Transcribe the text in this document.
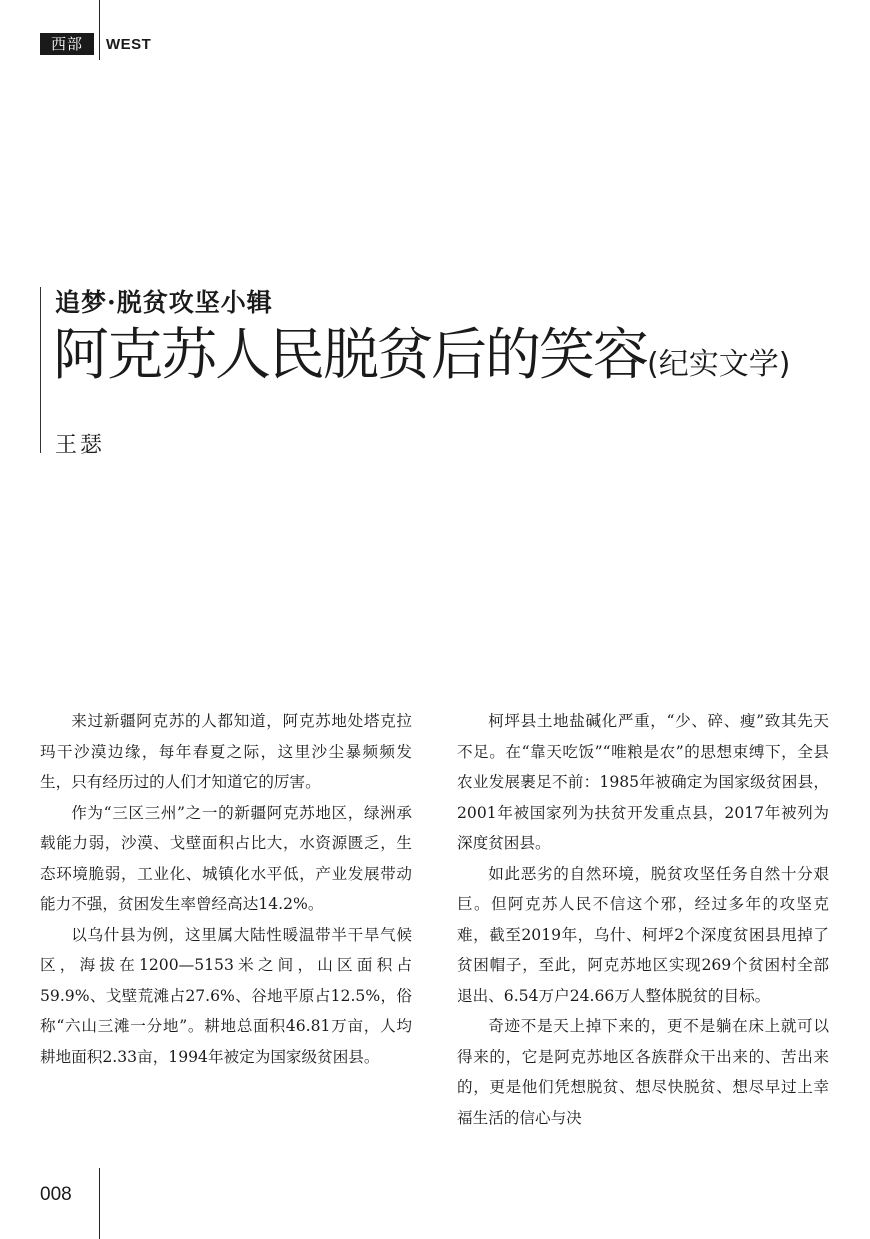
西部	WEST
追梦·脱贫攻坚小辑
阿克苏人民脱贫后的笑容(纪实文学)
王瑟

来过新疆阿克苏的人都知道，阿克苏地处塔克拉玛干沙漠边缘，每年春夏之际，这里沙尘暴频频发生，只有经历过的人们才知道它的厉害。

作为“三区三州”之一的新疆阿克苏地区，绿洲承载能力弱，沙漠、戈壁面积占比大，水资源匮乏，生态环境脆弱，工业化、城镇化水平低，产业发展带动能力不强，贫困发生率曾经高达14.2%。

以乌什县为例，这里属大陆性暖温带半干旱气候区，海拔在1200—5153米之间，山区面积占59.9%、戈壁荒滩占27.6%、谷地平原占12.5%，俗称“六山三滩一分地”。耕地总面积46.81万亩，人均耕地面积2.33亩，1994年被定为国家级贫困县。

柯坪县土地盐碱化严重，“少、碎、瘦”致其先天不足。在“靠天吃饭”“唯粮是农”的思想束缚下，全县农业发展裹足不前：1985年被确定为国家级贫困县，2001年被国家列为扶贫开发重点县，2017年被列为深度贫困县。

如此恶劣的自然环境，脱贫攻坚任务自然十分艰巨。但阿克苏人民不信这个邪，经过多年的攻坚克难，截至2019年，乌什、柯坪2个深度贫困县甩掉了贫困帽子，至此，阿克苏地区实现269个贫困村全部退出、6.54万户24.66万人整体脱贫的目标。

奇迹不是天上掉下来的，更不是躺在床上就可以得来的，它是阿克苏地区各族群众干出来的、苦出来的，更是他们凭想脱贫、想尽快脱贫、想尽早过上幸福生活的信心与决

008
